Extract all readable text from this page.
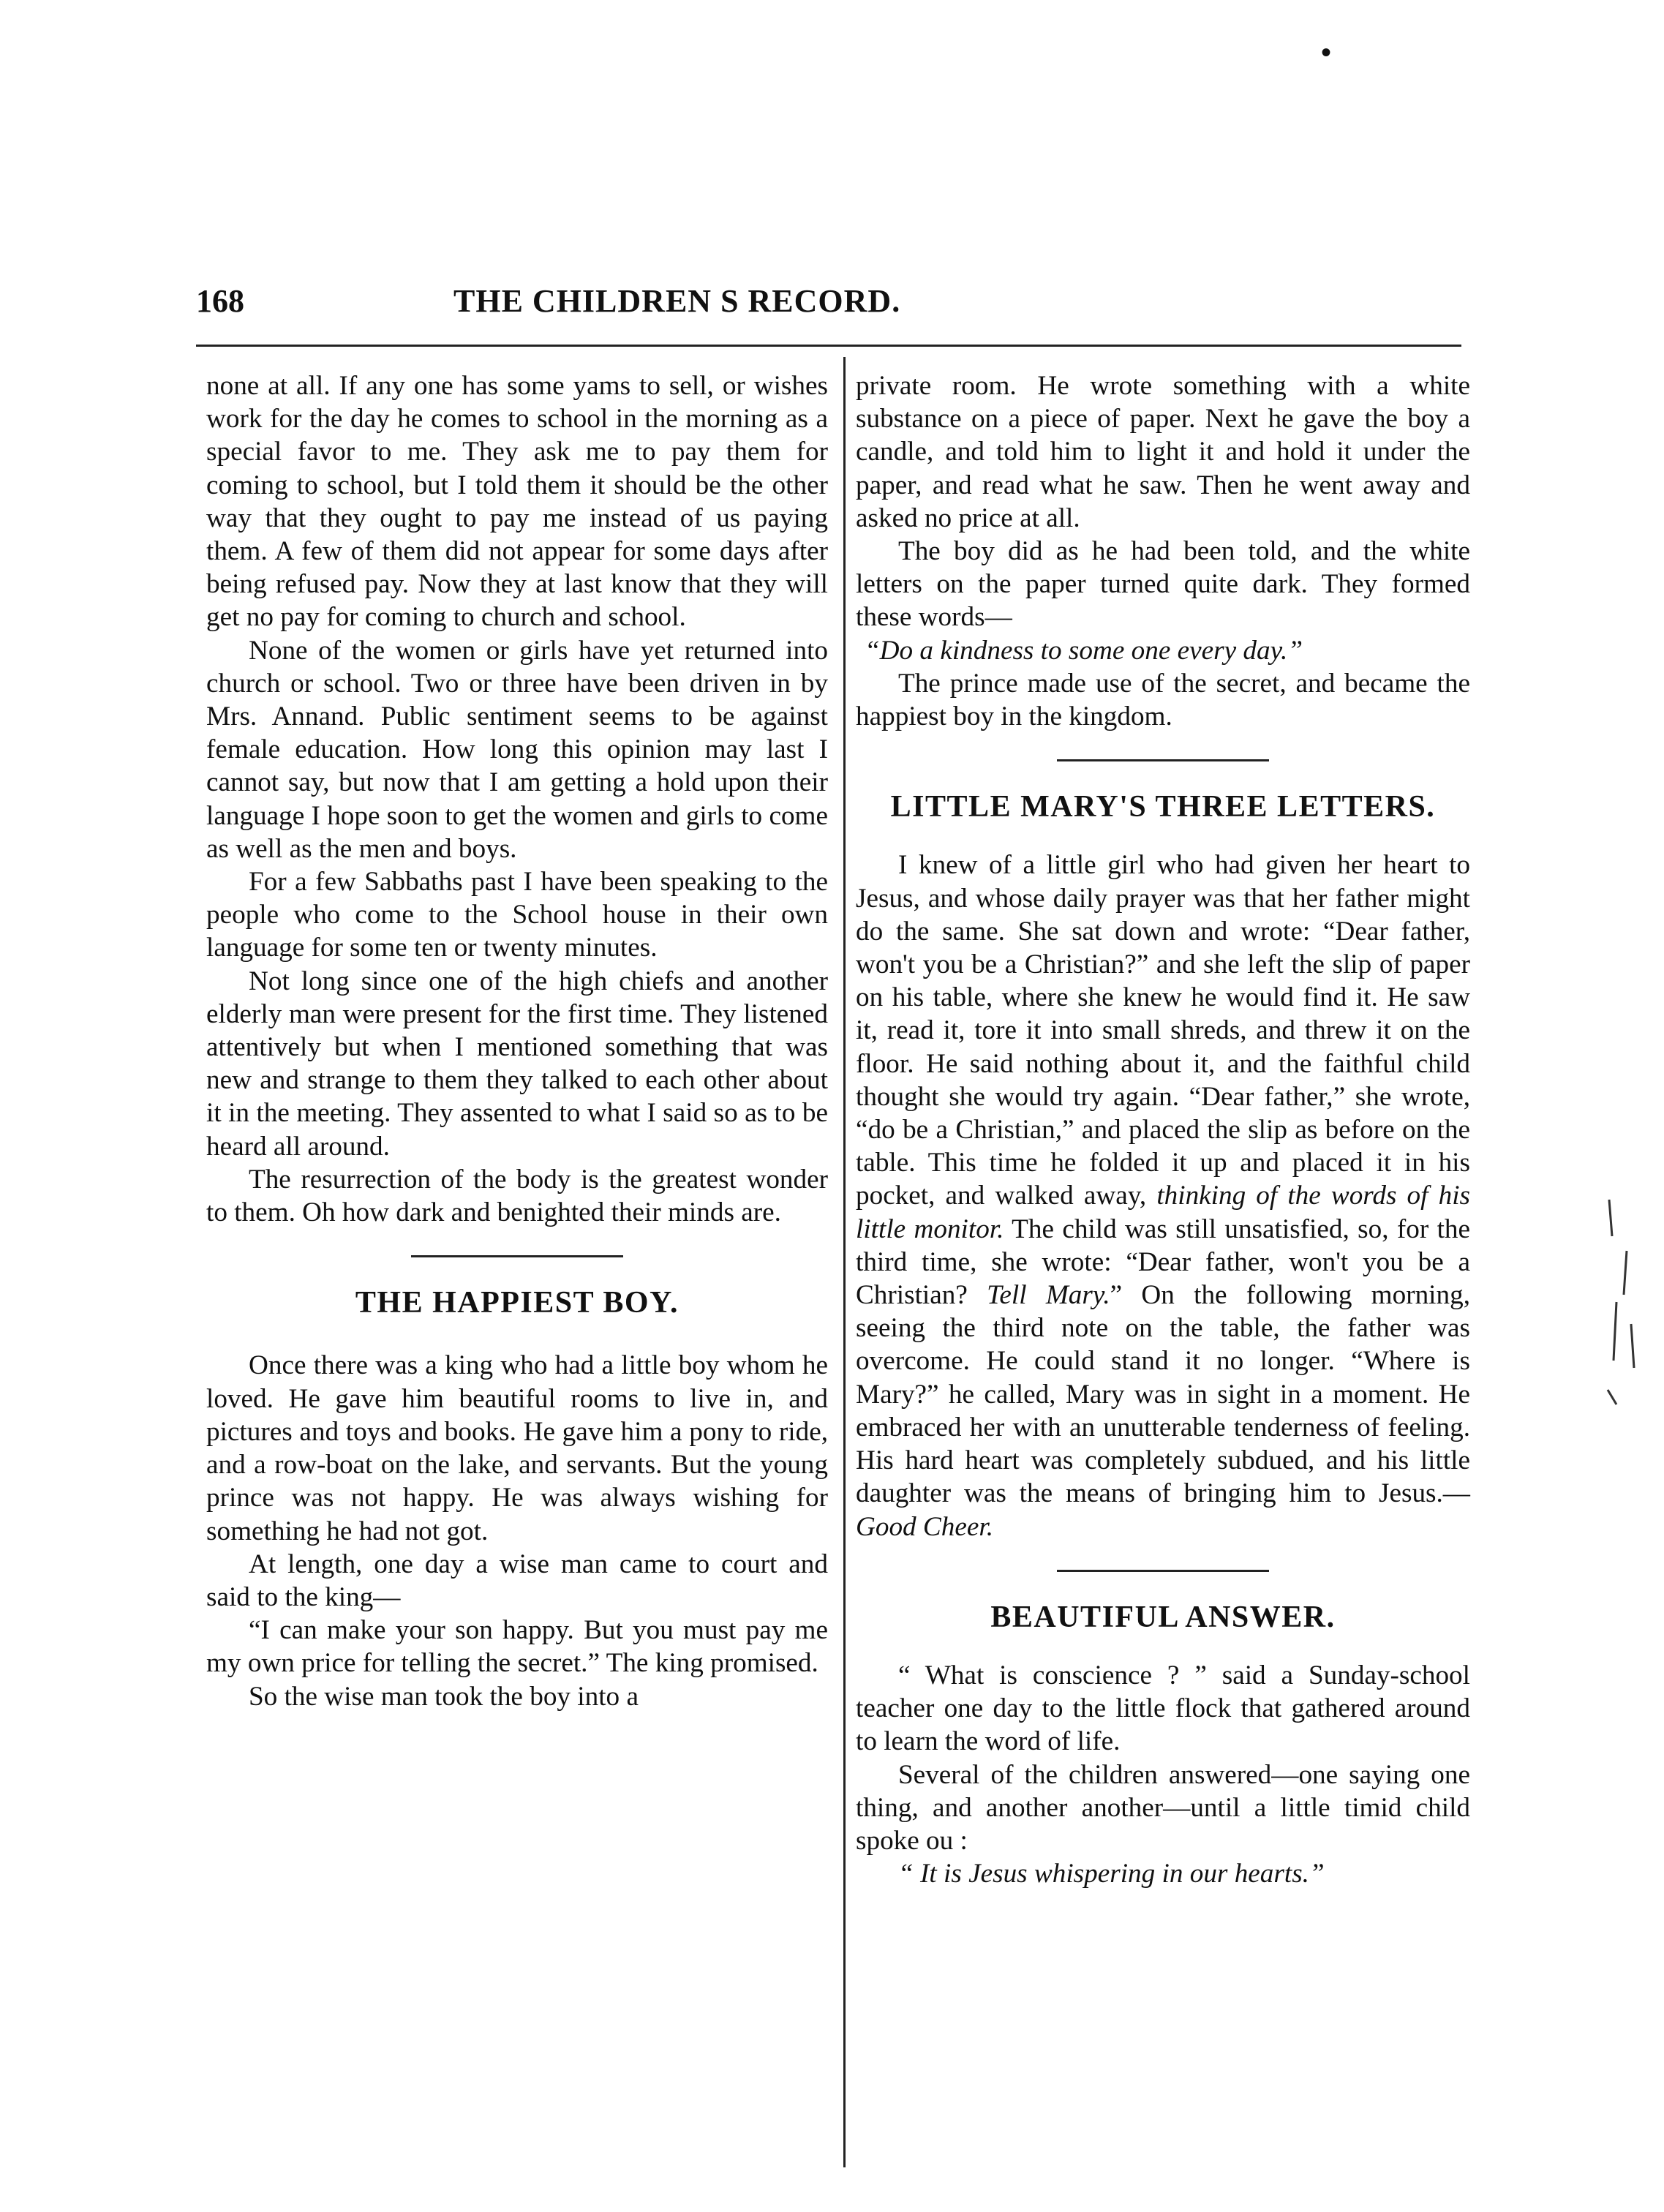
•
168	THE CHILDREN S RECORD.

none at all. If any one has some yams to sell, or wishes work for the day he comes to school in the morning as a special favor to me. They ask me to pay them for coming to school, but I told them it should be the other way that they ought to pay me instead of us paying them. A few of them did not appear for some days after being refused pay. Now they at last know that they will get no pay for coming to church and school.

None of the women or girls have yet returned into church or school. Two or three have been driven in by Mrs. Annand. Public sentiment seems to be against female education. How long this opinion may last I cannot say, but now that I am getting a hold upon their language I hope soon to get the women and girls to come as well as the men and boys.

For a few Sabbaths past I have been speaking to the people who come to the School house in their own language for some ten or twenty minutes.

Not long since one of the high chiefs and another elderly man were present for the first time. They listened attentively but when I mentioned something that was new and strange to them they talked to each other about it in the meeting. They assented to what I said so as to be heard all around.

The resurrection of the body is the greatest wonder to them. Oh how dark and benighted their minds are.

THE HAPPIEST BOY.

Once there was a king who had a little boy whom he loved. He gave him beautiful rooms to live in, and pictures and toys and books. He gave him a pony to ride, and a row-boat on the lake, and servants. But the young prince was not happy. He was always wishing for something he had not got.

At length, one day a wise man came to court and said to the king—

“I can make your son happy. But you must pay me my own price for telling the secret.” The king promised.

So the wise man took the boy into a

private room. He wrote something with a white substance on a piece of paper. Next he gave the boy a candle, and told him to light it and hold it under the paper, and read what he saw. Then he went away and asked no price at all.

The boy did as he had been told, and the white letters on the paper turned quite dark. They formed these words—

“Do a kindness to some one every day.”

The prince made use of the secret, and became the happiest boy in the kingdom.

LITTLE MARY'S THREE LETTERS.

I knew of a little girl who had given her heart to Jesus, and whose daily prayer was that her father might do the same. She sat down and wrote: “Dear father, won't you be a Christian?” and she left the slip of paper on his table, where she knew he would find it. He saw it, read it, tore it into small shreds, and threw it on the floor. He said nothing about it, and the faithful child thought she would try again. “Dear father,” she wrote, “do be a Christian,” and placed the slip as before on the table. This time he folded it up and placed it in his pocket, and walked away, thinking of the words of his little monitor. The child was still unsatisfied, so, for the third time, she wrote: “Dear father, won't you be a Christian? Tell Mary.” On the following morning, seeing the third note on the table, the father was overcome. He could stand it no longer. “Where is Mary?” he called, Mary was in sight in a moment. He embraced her with an unutterable tenderness of feeling. His hard heart was completely subdued, and his little daughter was the means of bringing him to Jesus.—Good Cheer.

BEAUTIFUL ANSWER.

“ What is conscience ? ” said a Sunday-school teacher one day to the little flock that gathered around to learn the word of life.

Several of the children answered—one saying one thing, and another another—until a little timid child spoke ou :

“ It is Jesus whispering in our hearts.”
